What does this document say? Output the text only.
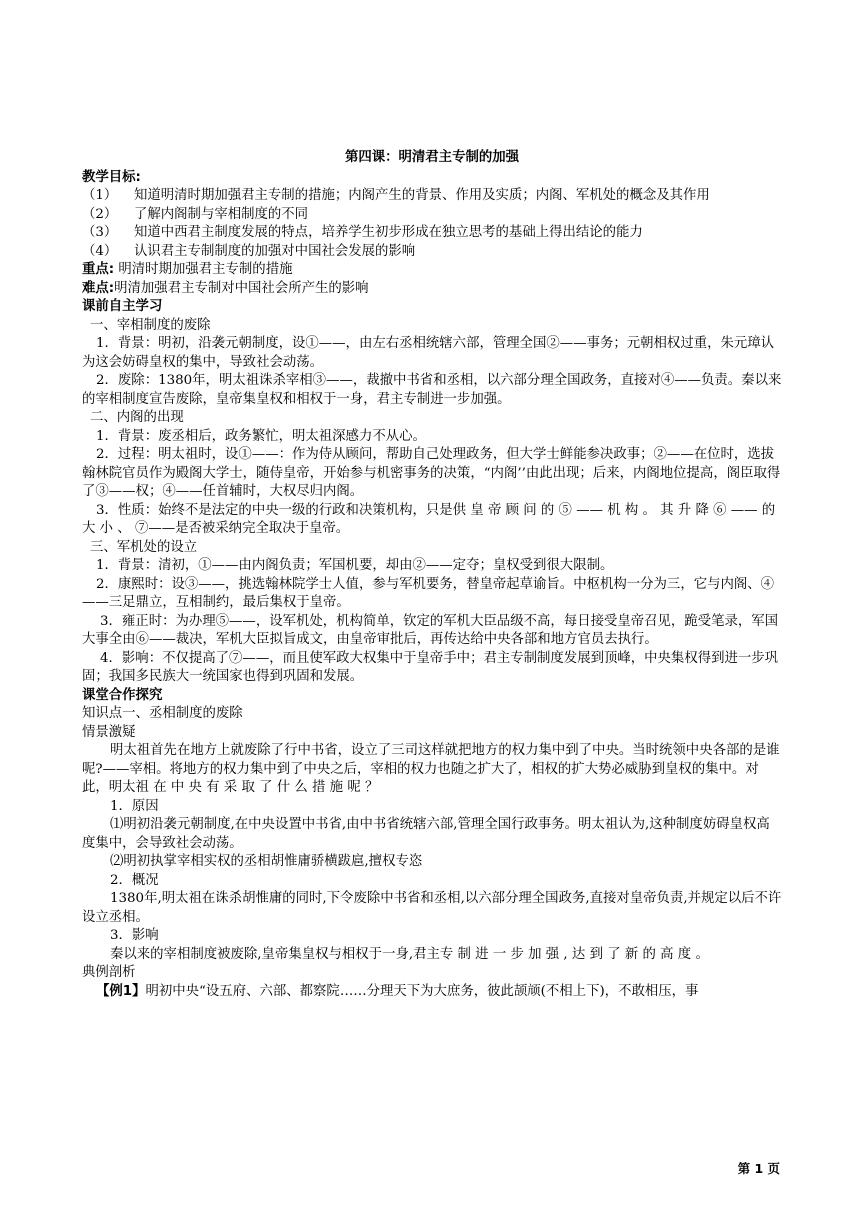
第四课：明清君主专制的加强

教学目标:

（1）	知道明清时期加强君主专制的措施；内阁产生的背景、作用及实质；内阁、军机处的概念及其作用
（2）	了解内阁制与宰相制度的不同
（3）	知道中西君主制度发展的特点，培养学生初步形成在独立思考的基础上得出结论的能力
（4）	认识君主专制制度的加强对中国社会发展的影响

重点: 明清时期加强君主专制的措施

难点:明清加强君主专制对中国社会所产生的影响

课前自主学习

一、宰相制度的废除

1．背景：明初，沿袭元朝制度，设①——，由左右丞相统辖六部，管理全国②——事务；元朝相权过重，朱元璋认为这会妨碍皇权的集中，导致社会动荡。

2．废除：1380年，明太祖诛杀宰相③——，裁撤中书省和丞相，以六部分理全国政务，直接对④——负责。秦以来的宰相制度宣告废除，皇帝集皇权和相权于一身，君主专制进一步加强。

二、内阁的出现

1．背景：废丞相后，政务繁忙，明太祖深感力不从心。

2．过程：明太祖时，设①——：作为侍从顾问，帮助自己处理政务，但大学士鲜能参决政事；②——在位时，选拔翰林院官员作为殿阁大学士，随侍皇帝，开始参与机密事务的决策，“内阁’’由此出现；后来，内阁地位提高，阁臣取得了③——权；④——任首辅时，大权尽归内阁。

3．性质：始终不是法定的中央一级的行政和决策机构，只是供 皇 帝 顾 问 的 ⑤ —— 机 构 。 其 升 降 ⑥ —— 的 大 小 、 ⑦——是否被采纳完全取决于皇帝。

三、军机处的设立

1．背景：清初，①——由内阁负责；军国机要，却由②——定夺；皇权受到很大限制。

2．康熙时：设③——，挑选翰林院学士人值，参与军机要务，替皇帝起草谕旨。中枢机构一分为三，它与内阁、④——三足鼎立，互相制约，最后集权于皇帝。

3．雍正时：为办理⑤——，设军机处，机构简单，钦定的军机大臣品级不高，每日接受皇帝召见，跪受笔录，军国大事全由⑥——裁决，军机大臣拟旨成文，由皇帝审批后，再传达给中央各部和地方官员去执行。

4．影响：不仅提高了⑦——，而且使军政大权集中于皇帝手中；君主专制制度发展到顶峰，中央集权得到进一步巩固；我国多民族大一统国家也得到巩固和发展。

课堂合作探究

知识点一、丞相制度的废除

情景激疑

明太祖首先在地方上就废除了行中书省，设立了三司这样就把地方的权力集中到了中央。当时统领中央各部的是谁呢?——宰相。将地方的权力集中到了中央之后，宰相的权力也随之扩大了，相权的扩大势必威胁到皇权的集中。对此，明太祖 在 中 央 有 采 取 了 什 么 措 施 呢 ？

1．原因

⑴明初沿袭元朝制度,在中央设置中书省,由中书省统辖六部,管理全国行政事务。明太祖认为,这种制度妨碍皇权高度集中，会导致社会动荡。

⑵明初执掌宰相实权的丞相胡惟庸骄横跋扈,擅权专恣

2．概况

1380年,明太祖在诛杀胡惟庸的同时,下令废除中书省和丞相,以六部分理全国政务,直接对皇帝负责,并规定以后不许设立丞相。

3．影响

秦以来的宰相制度被废除,皇帝集皇权与相权于一身,君主专 制 进 一 步 加 强 , 达 到 了 新 的 高 度 。

典例剖析

【例1】明初中央“设五府、六部、都察院……分理天下为大庶务，彼此颉颃(不相上下)，不敢相压，事

第 1 页
